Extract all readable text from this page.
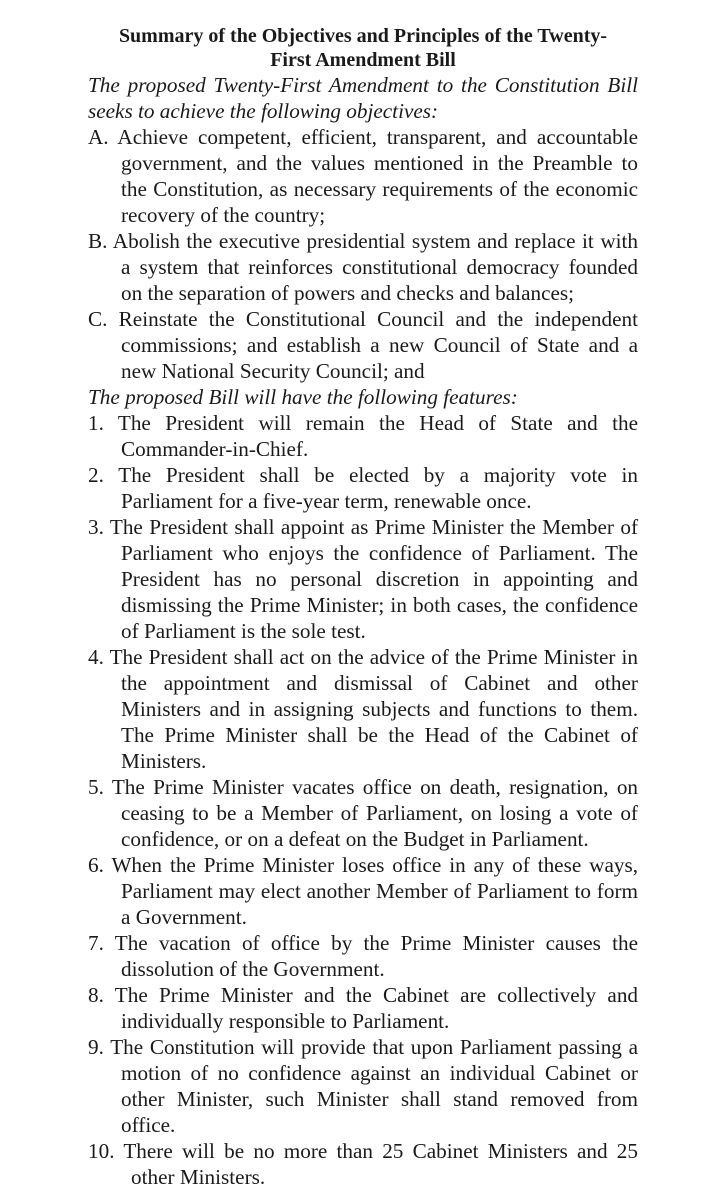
Summary of the Objectives and Principles of the Twenty-
First Amendment Bill

The proposed Twenty-First Amendment to the Constitution Bill seeks to achieve the following objectives:

A. Achieve competent, efficient, transparent, and accountable government, and the values mentioned in the Preamble to the Constitution, as necessary requirements of the economic recovery of the country;

B. Abolish the executive presidential system and replace it with a system that reinforces constitutional democracy founded on the separation of powers and checks and balances;

C. Reinstate the Constitutional Council and the independent commissions; and establish a new Council of State and a new National Security Council; and

The proposed Bill will have the following features:

1. The President will remain the Head of State and the Commander-in-Chief.

2. The President shall be elected by a majority vote in Parliament for a five-year term, renewable once.

3. The President shall appoint as Prime Minister the Member of Parliament who enjoys the confidence of Parliament. The President has no personal discretion in appointing and dismissing the Prime Minister; in both cases, the confidence of Parliament is the sole test.

4. The President shall act on the advice of the Prime Minister in the appointment and dismissal of Cabinet and other Ministers and in assigning subjects and functions to them. The Prime Minister shall be the Head of the Cabinet of Ministers.

5. The Prime Minister vacates office on death, resignation, on ceasing to be a Member of Parliament, on losing a vote of confidence, or on a defeat on the Budget in Parliament.

6. When the Prime Minister loses office in any of these ways, Parliament may elect another Member of Parliament to form a Government.

7. The vacation of office by the Prime Minister causes the dissolution of the Government.

8. The Prime Minister and the Cabinet are collectively and individually responsible to Parliament.

9. The Constitution will provide that upon Parliament passing a motion of no confidence against an individual Cabinet or other Minister, such Minister shall stand removed from office.

10. There will be no more than 25 Cabinet Ministers and 25 other Ministers.
